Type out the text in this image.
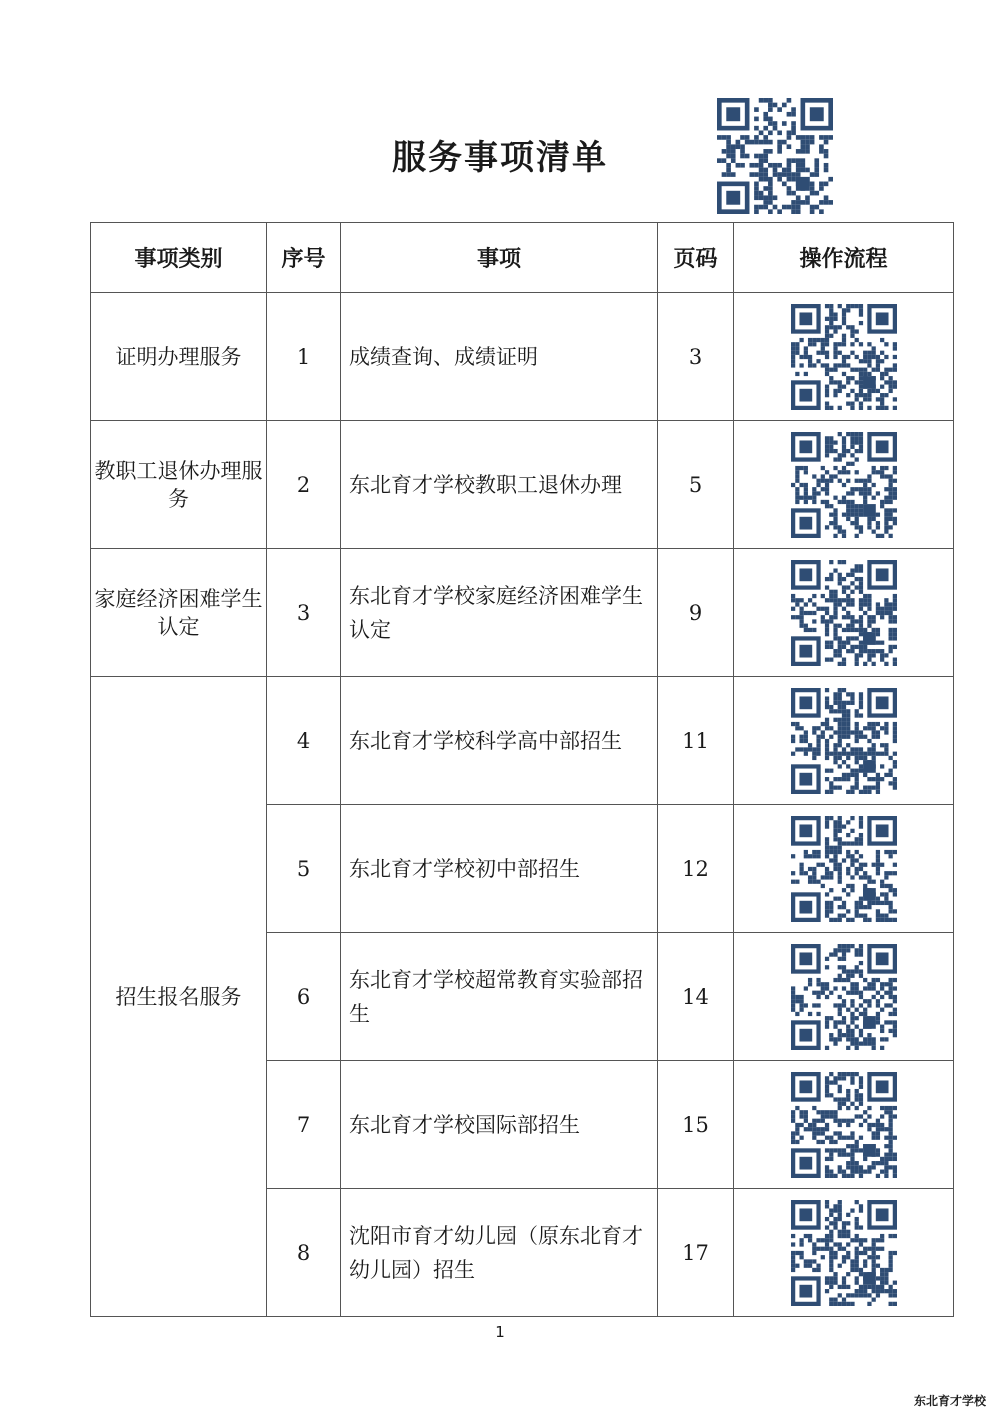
服务事项清单
事项类别	序号	事项	页码	操作流程
证明办理服务	1	成绩查询、成绩证明	3	

教职工退休办理服务	2	东北育才学校教职工退休办理	5	

家庭经济困难学生认定	3	东北育才学校家庭经济困难学生认定	9	

招生报名服务	4	东北育才学校科学高中部招生	11	

	5	东北育才学校初中部招生	12	

	6	东北育才学校超常教育实验部招生	14	

	7	东北育才学校国际部招生	15	

	8	沈阳市育才幼儿园（原东北育才幼儿园）招生	17	
1
东北育才学校
